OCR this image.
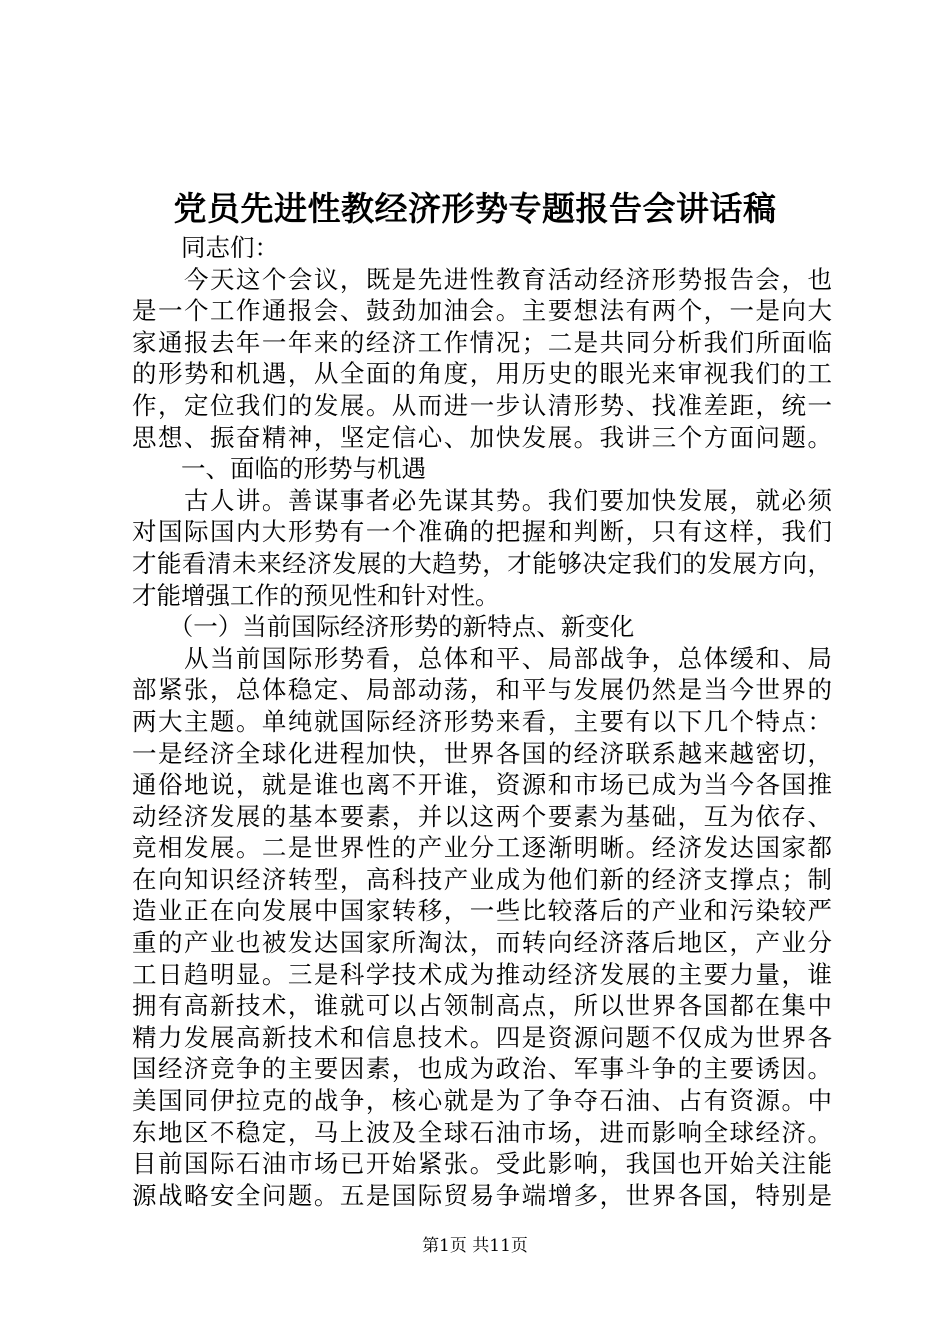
党员先进性教经济形势专题报告会讲话稿
　　同志们：
　　今天这个会议，既是先进性教育活动经济形势报告会，也
是一个工作通报会、鼓劲加油会。主要想法有两个，一是向大
家通报去年一年来的经济工作情况；二是共同分析我们所面临
的形势和机遇，从全面的角度，用历史的眼光来审视我们的工
作，定位我们的发展。从而进一步认清形势、找准差距，统一
思想、振奋精神，坚定信心、加快发展。我讲三个方面问题。
　　一、面临的形势与机遇
　　古人讲。善谋事者必先谋其势。我们要加快发展，就必须
对国际国内大形势有一个准确的把握和判断，只有这样，我们
才能看清未来经济发展的大趋势，才能够决定我们的发展方向，
才能增强工作的预见性和针对性。
　　（一）当前国际经济形势的新特点、新变化
　　从当前国际形势看，总体和平、局部战争，总体缓和、局
部紧张，总体稳定、局部动荡，和平与发展仍然是当今世界的
两大主题。单纯就国际经济形势来看，主要有以下几个特点：
一是经济全球化进程加快，世界各国的经济联系越来越密切，
通俗地说，就是谁也离不开谁，资源和市场已成为当今各国推
动经济发展的基本要素，并以这两个要素为基础，互为依存、
竞相发展。二是世界性的产业分工逐渐明晰。经济发达国家都
在向知识经济转型，高科技产业成为他们新的经济支撑点；制
造业正在向发展中国家转移，一些比较落后的产业和污染较严
重的产业也被发达国家所淘汰，而转向经济落后地区，产业分
工日趋明显。三是科学技术成为推动经济发展的主要力量，谁
拥有高新技术，谁就可以占领制高点，所以世界各国都在集中
精力发展高新技术和信息技术。四是资源问题不仅成为世界各
国经济竞争的主要因素，也成为政治、军事斗争的主要诱因。
美国同伊拉克的战争，核心就是为了争夺石油、占有资源。中
东地区不稳定，马上波及全球石油市场，进而影响全球经济。
目前国际石油市场已开始紧张。受此影响，我国也开始关注能
源战略安全问题。五是国际贸易争端增多，世界各国，特别是
第1页 共11页
